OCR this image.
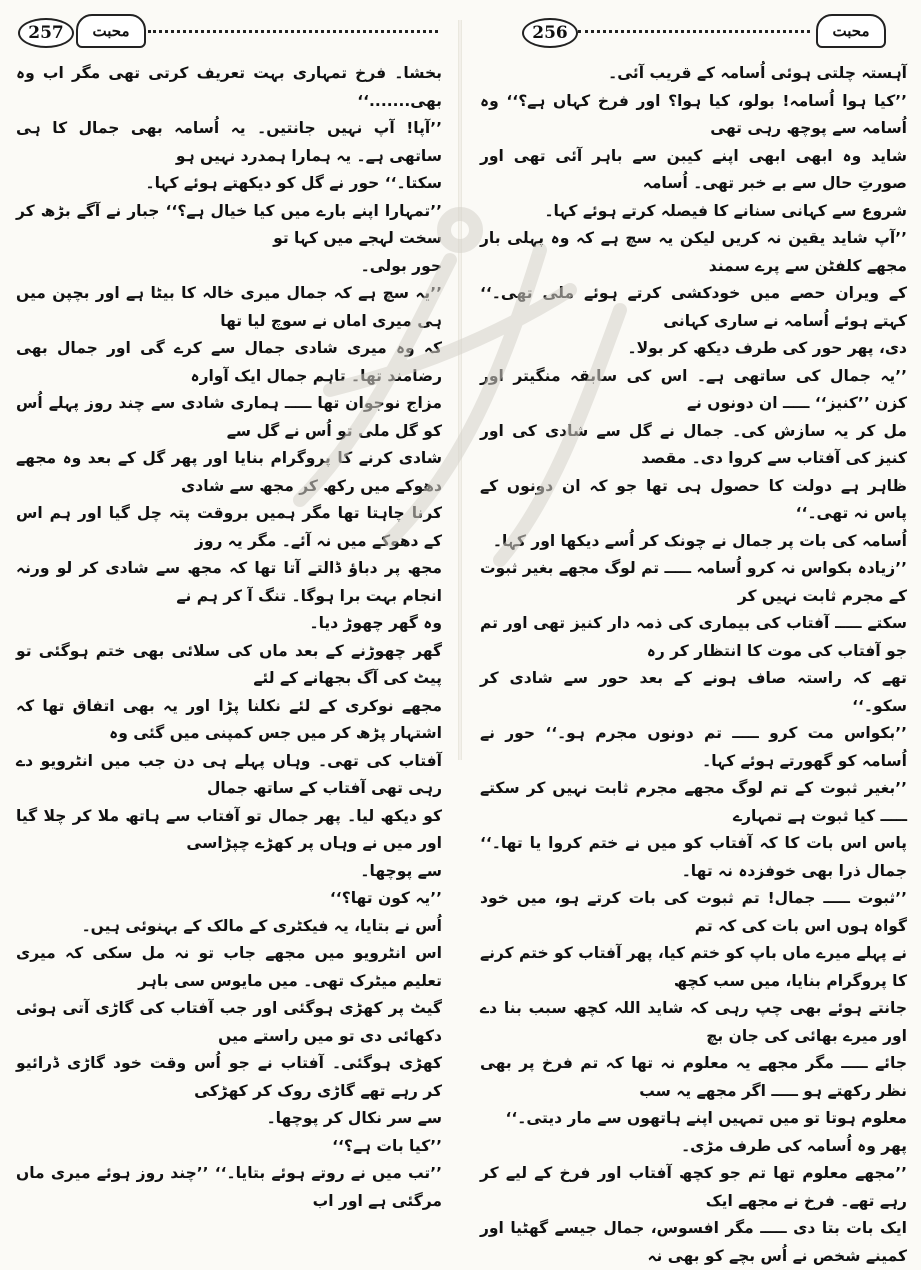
256	محبت

آہستہ چلتی ہوئی اُسامہ کے قریب آئی۔

’’کیا ہوا اُسامہ! بولو، کیا ہوا؟ اور فرخ کہاں ہے؟‘‘ وہ اُسامہ سے پوچھ رہی تھی

شاید وہ ابھی ابھی اپنے کیبن سے باہر آئی تھی اور صورتِ حال سے بے خبر تھی۔ اُسامہ

شروع سے کہانی سنانے کا فیصلہ کرتے ہوئے کہا۔

’’آپ شاید یقین نہ کریں لیکن یہ سچ ہے کہ وہ پہلی بار مجھے کلفٹن سے پرے سمند

کے ویران حصے میں خودکشی کرتے ہوئے ملی تھی۔‘‘ کہتے ہوئے اُسامہ نے ساری کہانی

دی، پھر حور کی طرف دیکھ کر بولا۔

’’یہ جمال کی ساتھی ہے۔ اس کی سابقہ منگیتر اور کزن ’’کنیز‘‘ ـــــ ان دونوں نے

مل کر یہ سازش کی۔ جمال نے گل سے شادی کی اور کنیز کی آفتاب سے کروا دی۔ مقصد

ظاہر ہے دولت کا حصول ہی تھا جو کہ ان دونوں کے پاس نہ تھی۔‘‘

اُسامہ کی بات پر جمال نے چونک کر اُسے دیکھا اور کہا۔

’’زیادہ بکواس نہ کرو اُسامہ ـــــ تم لوگ مجھے بغیر ثبوت کے مجرم ثابت نہیں کر

سکتے ـــــ آفتاب کی بیماری کی ذمہ دار کنیز تھی اور تم جو آفتاب کی موت کا انتظار کر رہ

تھے کہ راستہ صاف ہونے کے بعد حور سے شادی کر سکو۔‘‘

’’بکواس مت کرو ـــــ تم دونوں مجرم ہو۔‘‘ حور نے اُسامہ کو گھورتے ہوئے کہا۔

’’بغیر ثبوت کے تم لوگ مجھے مجرم ثابت نہیں کر سکتے ـــــ کیا ثبوت ہے تمہارے

پاس اس بات کا کہ آفتاب کو میں نے ختم کروا یا تھا۔‘‘ جمال ذرا بھی خوفزدہ نہ تھا۔

’’ثبوت ـــــ جمال! تم ثبوت کی بات کرتے ہو، میں خود گواہ ہوں اس بات کی کہ تم

نے پہلے میرے ماں باپ کو ختم کیا، پھر آفتاب کو ختم کرنے کا پروگرام بنایا، میں سب کچھ

جانتے ہوئے بھی چپ رہی کہ شاید اللہ کچھ سبب بنا دے اور میرے بھائی کی جان بچ

جائے ـــــ مگر مجھے یہ معلوم نہ تھا کہ تم فرخ پر بھی نظر رکھتے ہو ـــــ اگر مجھے یہ سب

معلوم ہوتا تو میں تمہیں اپنے ہاتھوں سے مار دیتی۔‘‘

پھر وہ اُسامہ کی طرف مڑی۔

’’مجھے معلوم تھا تم جو کچھ آفتاب اور فرخ کے لیے کر رہے تھے۔ فرخ نے مجھے ایک

ایک بات بتا دی ـــــ مگر افسوس، جمال جیسے گھٹیا اور کمینے شخص نے اُس بچے کو بھی نہ

257	محبت

بخشا۔ فرخ تمہاری بہت تعریف کرتی تھی مگر اب وہ بھی.......‘‘

’’آپا! آپ نہیں جانتیں۔ یہ اُسامہ بھی جمال کا ہی ساتھی ہے۔ یہ ہمارا ہمدرد نہیں ہو

سکتا۔‘‘ حور نے گل کو دیکھتے ہوئے کہا۔

’’تمہارا اپنے بارے میں کیا خیال ہے؟‘‘ جبار نے آگے بڑھ کر سخت لہجے میں کہا تو

حور بولی۔

’’یہ سچ ہے کہ جمال میری خالہ کا بیٹا ہے اور بچپن میں ہی میری اماں نے سوچ لیا تھا

کہ وہ میری شادی جمال سے کرے گی اور جمال بھی رضامند تھا۔ تاہم جمال ایک آوارہ

مزاج نوجوان تھا ـــــ ہماری شادی سے چند روز پہلے اُس کو گل ملی تو اُس نے گل سے

شادی کرنے کا پروگرام بنایا اور پھر گل کے بعد وہ مجھے دھوکے میں رکھ کر مجھ سے شادی

کرنا چاہتا تھا مگر ہمیں بروقت پتہ چل گیا اور ہم اس کے دھوکے میں نہ آئے۔ مگر یہ روز

مجھ پر دباؤ ڈالتے آتا تھا کہ مجھ سے شادی کر لو ورنہ انجام بہت برا ہوگا۔ تنگ آ کر ہم نے

وہ گھر چھوڑ دیا۔

گھر چھوڑنے کے بعد ماں کی سلائی بھی ختم ہوگئی تو پیٹ کی آگ بجھانے کے لئے

مجھے نوکری کے لئے نکلنا پڑا اور یہ بھی اتفاق تھا کہ اشتہار پڑھ کر میں جس کمپنی میں گئی وہ

آفتاب کی تھی۔ وہاں پہلے ہی دن جب میں انٹرویو دے رہی تھی آفتاب کے ساتھ جمال

کو دیکھ لیا۔ پھر جمال تو آفتاب سے ہاتھ ملا کر چلا گیا اور میں نے وہاں پر کھڑے چپڑاسی

سے پوچھا۔

’’یہ کون تھا؟‘‘

اُس نے بتایا، یہ فیکٹری کے مالک کے بہنوئی ہیں۔

اس انٹرویو میں مجھے جاب تو نہ مل سکی کہ میری تعلیم میٹرک تھی۔ میں مایوس سی باہر

گیٹ پر کھڑی ہوگئی اور جب آفتاب کی گاڑی آتی ہوئی دکھائی دی تو میں راستے میں

کھڑی ہوگئی۔ آفتاب نے جو اُس وقت خود گاڑی ڈرائیو کر رہے تھے گاڑی روک کر کھڑکی

سے سر نکال کر پوچھا۔

’’کیا بات ہے؟‘‘

’’تب میں نے روتے ہوئے بتایا۔‘‘ ’’چند روز ہوئے میری ماں مرگئی ہے اور اب
